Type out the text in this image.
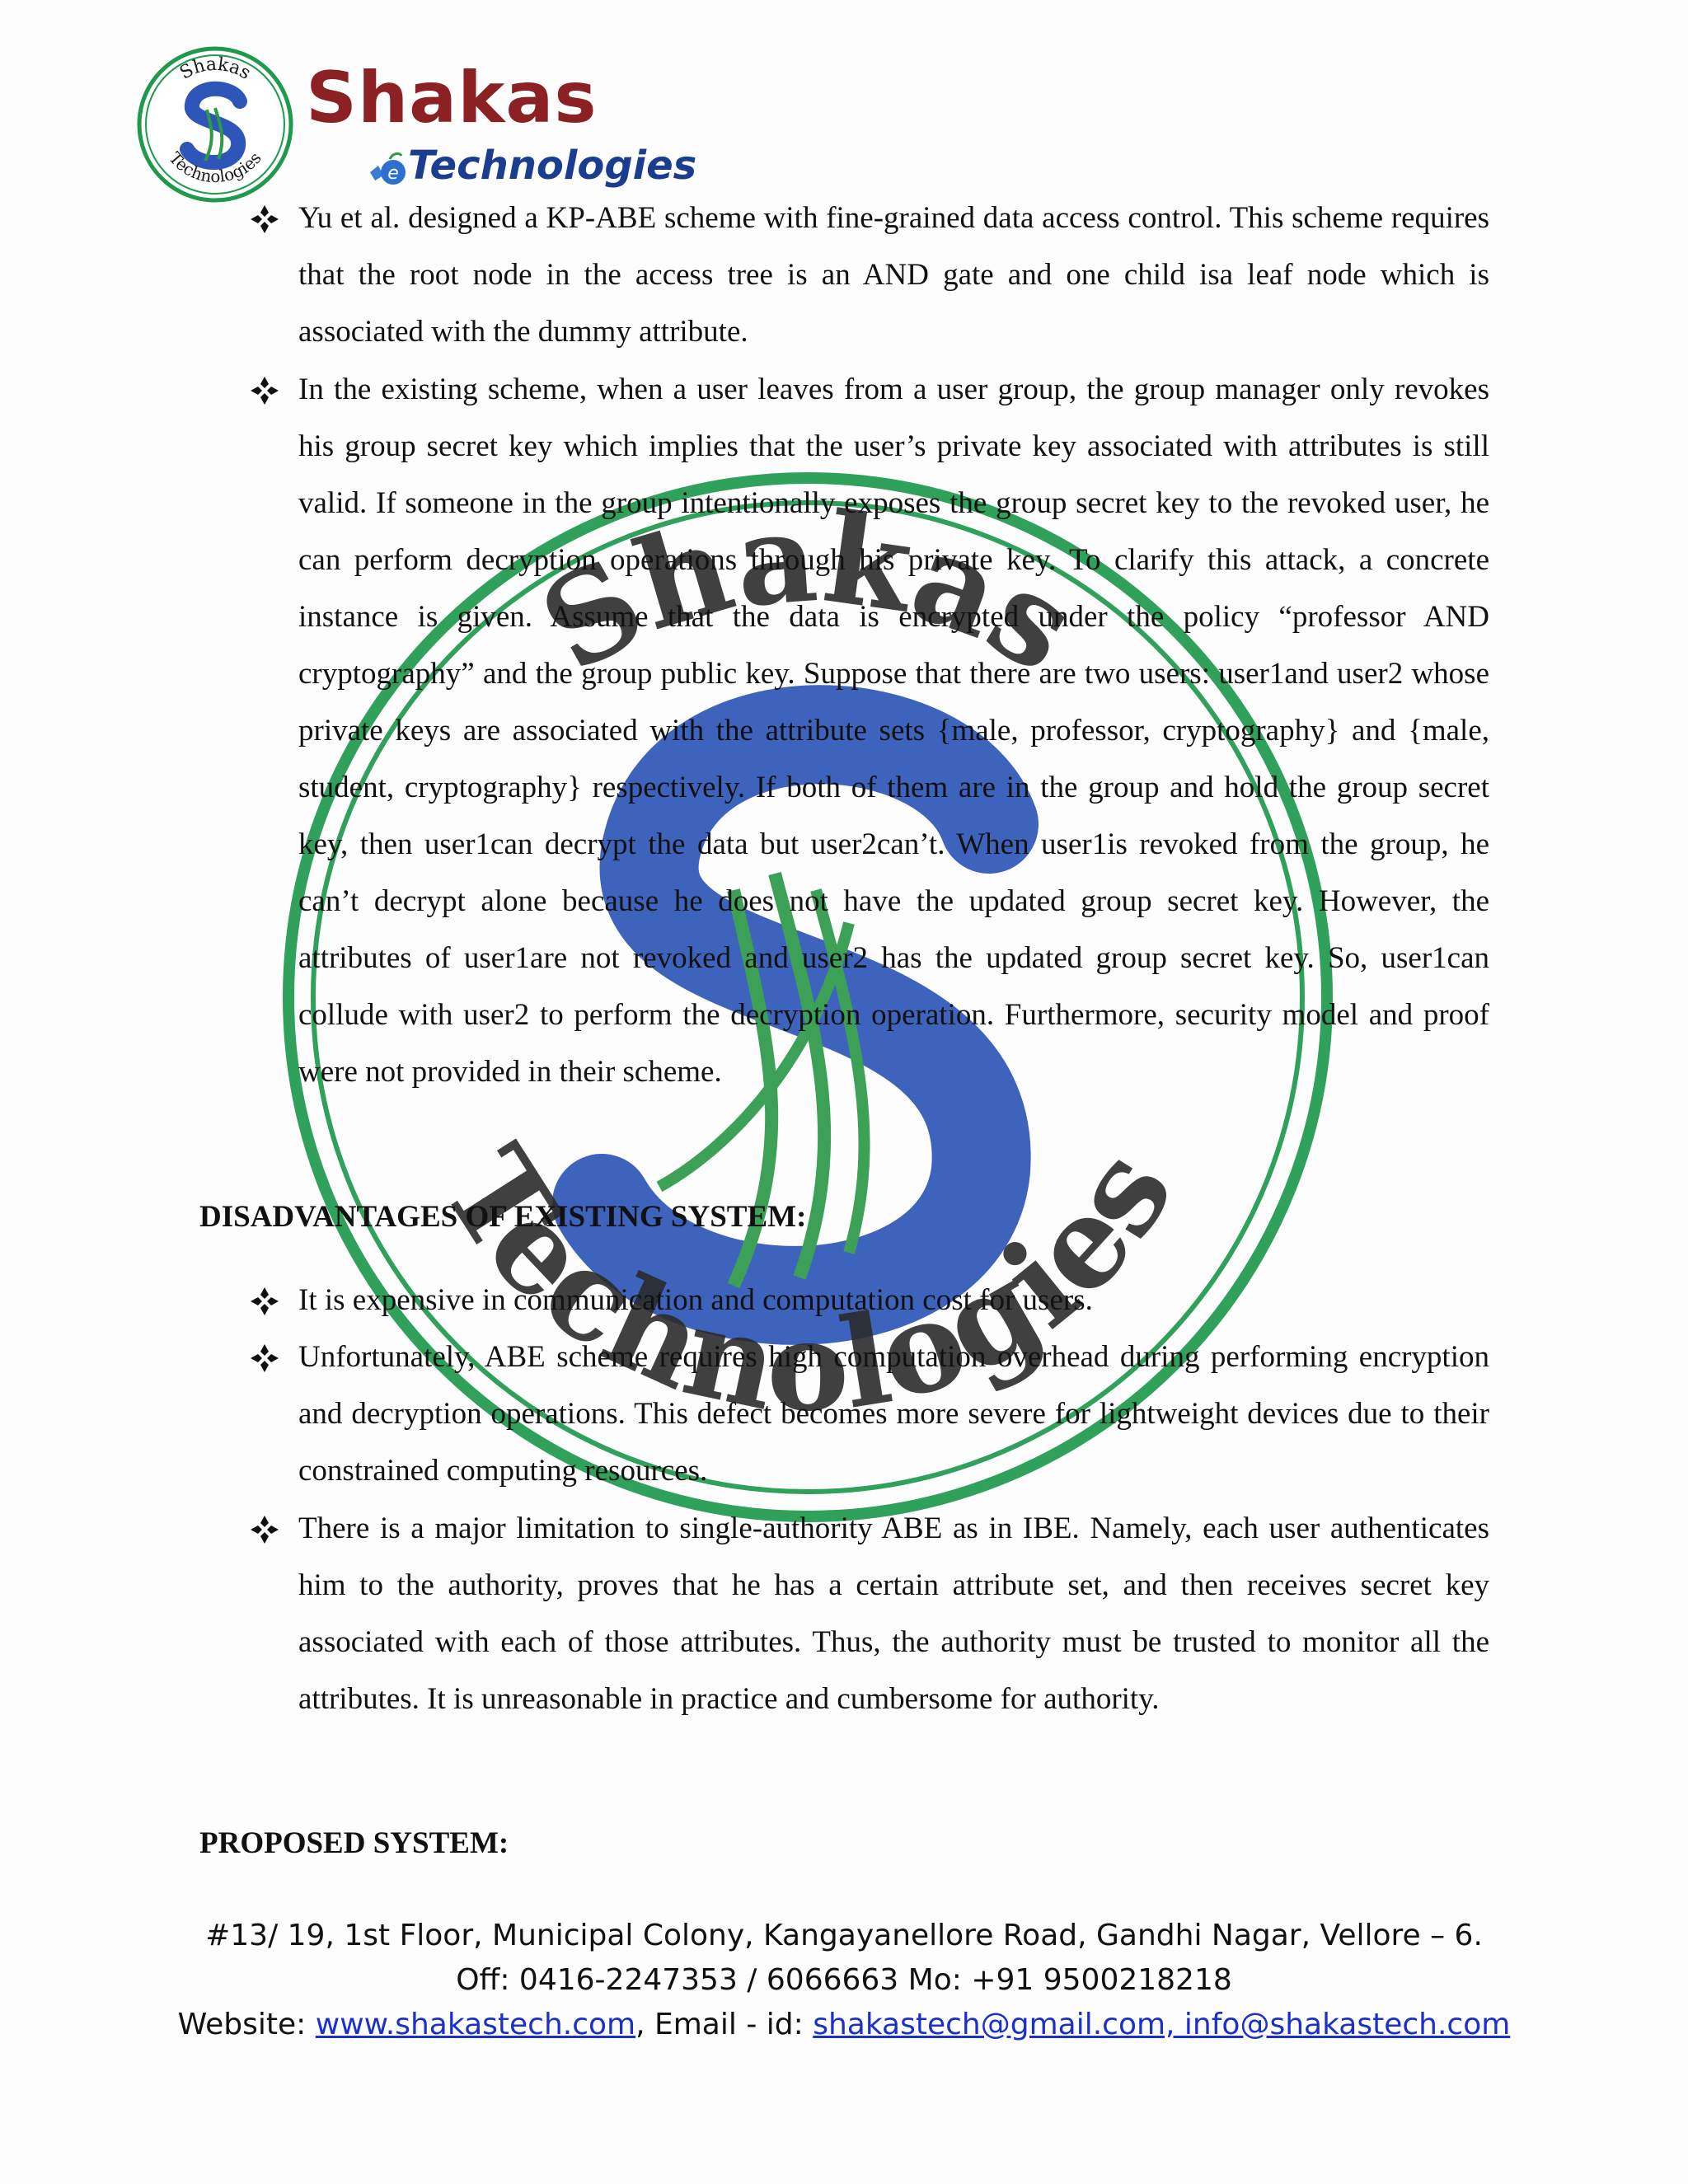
Shakas
Technologies
Shakas
Technologies
Shakas
e Technologies
Yu et al. designed a KP-ABE scheme with fine-grained data access control. This scheme requires that the root node in the access tree is an AND gate and one child isa leaf node which is associated with the dummy attribute.
In the existing scheme, when a user leaves from a user group, the group manager only revokes his group secret key which implies that the user’s private key associated with attributes is still valid. If someone in the group intentionally exposes the group secret key to the revoked user, he can perform decryption operations through his private key. To clarify this attack, a concrete instance is given. Assume that the data is encrypted under the policy “professor AND cryptography” and the group public key. Suppose that there are two users: user1and user2 whose private keys are associated with the attribute sets {male, professor, cryptography} and {male, student, cryptography} respectively. If both of them are in the group and hold the group secret key, then user1can decrypt the data but user2can’t. When user1is revoked from the group, he can’t decrypt alone because he does not have the updated group secret key. However, the attributes of user1are not revoked and user2 has the updated group secret key. So, user1can collude with user2 to perform the decryption operation. Furthermore, security model and proof were not provided in their scheme.
DISADVANTAGES OF EXISTING SYSTEM:
It is expensive in communication and computation cost for users.
Unfortunately, ABE scheme requires high computation overhead during performing encryption and decryption operations. This defect becomes more severe for lightweight devices due to their constrained computing resources.
There is a major limitation to single-authority ABE as in IBE. Namely, each user authenticates him to the authority, proves that he has a certain attribute set, and then receives secret key associated with each of those attributes. Thus, the authority must be trusted to monitor all the attributes. It is unreasonable in practice and cumbersome for authority.
PROPOSED SYSTEM:
#13/ 19, 1st Floor, Municipal Colony, Kangayanellore Road, Gandhi Nagar, Vellore – 6.
Off: 0416-2247353 / 6066663 Mo: +91 9500218218
Website: www.shakastech.com, Email - id: shakastech@gmail.com, info@shakastech.com
